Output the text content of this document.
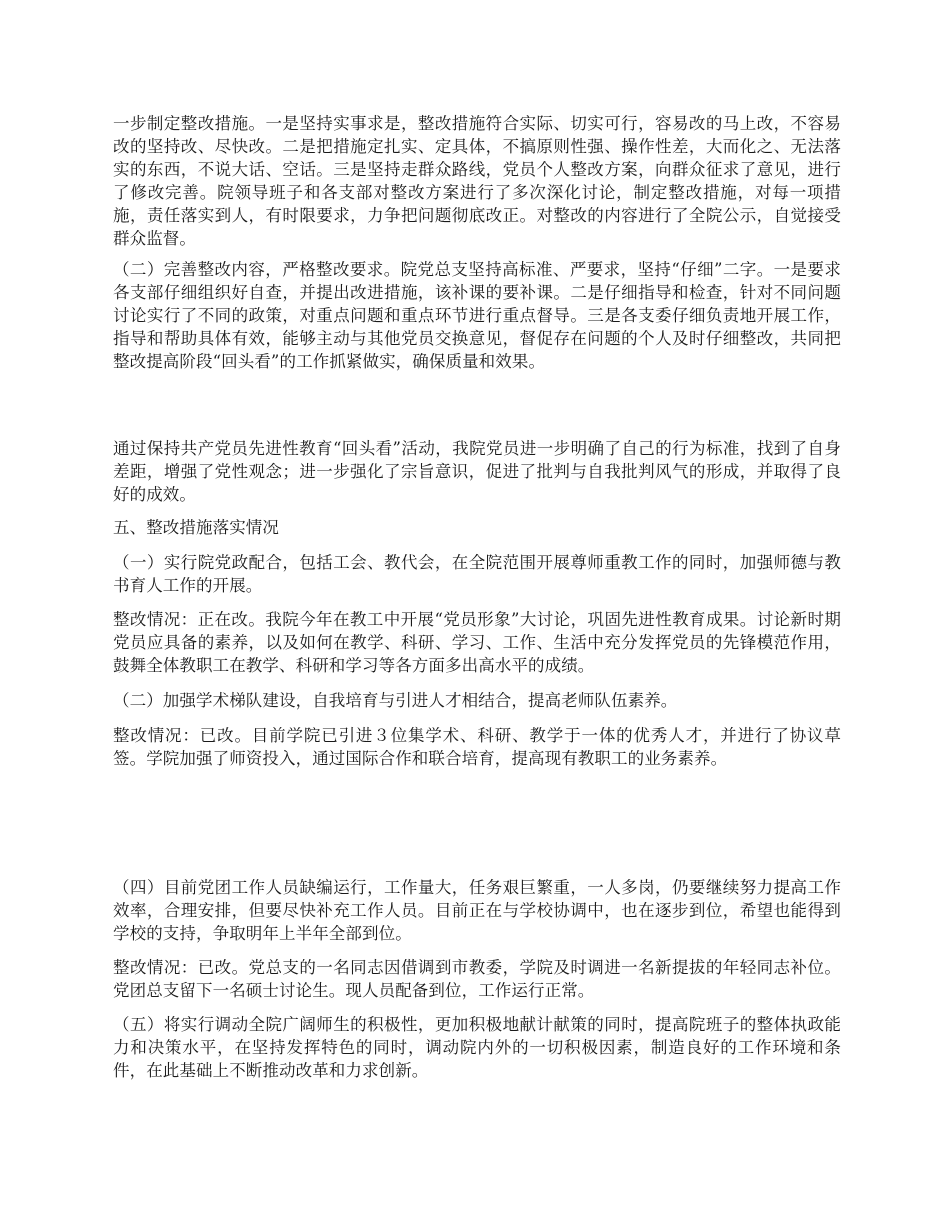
一步制定整改措施。一是坚持实事求是，整改措施符合实际、切实可行，容易改的马上改，不容易改的坚持改、尽快改。二是把措施定扎实、定具体，不搞原则性强、操作性差，大而化之、无法落实的东西，不说大话、空话。三是坚持走群众路线，党员个人整改方案，向群众征求了意见，进行了修改完善。院领导班子和各支部对整改方案进行了多次深化讨论，制定整改措施，对每一项措施，责任落实到人，有时限要求，力争把问题彻底改正。对整改的内容进行了全院公示，自觉接受群众监督。

（二）完善整改内容，严格整改要求。院党总支坚持高标准、严要求，坚持“仔细”二字。一是要求各支部仔细组织好自查，并提出改进措施，该补课的要补课。二是仔细指导和检查，针对不同问题讨论实行了不同的政策，对重点问题和重点环节进行重点督导。三是各支委仔细负责地开展工作，指导和帮助具体有效，能够主动与其他党员交换意见，督促存在问题的个人及时仔细整改，共同把整改提高阶段“回头看”的工作抓紧做实，确保质量和效果。

通过保持共产党员先进性教育“回头看”活动，我院党员进一步明确了自己的行为标准，找到了自身差距，增强了党性观念；进一步强化了宗旨意识，促进了批判与自我批判风气的形成，并取得了良好的成效。

五、整改措施落实情况

（一）实行院党政配合，包括工会、教代会，在全院范围开展尊师重教工作的同时，加强师德与教书育人工作的开展。

整改情况：正在改。我院今年在教工中开展“党员形象”大讨论，巩固先进性教育成果。讨论新时期党员应具备的素养，以及如何在教学、科研、学习、工作、生活中充分发挥党员的先锋模范作用，鼓舞全体教职工在教学、科研和学习等各方面多出高水平的成绩。

（二）加强学术梯队建设，自我培育与引进人才相结合，提高老师队伍素养。

整改情况：已改。目前学院已引进３位集学术、科研、教学于一体的优秀人才，并进行了协议草签。学院加强了师资投入，通过国际合作和联合培育，提高现有教职工的业务素养。

（四）目前党团工作人员缺编运行，工作量大，任务艰巨繁重，一人多岗，仍要继续努力提高工作效率，合理安排，但要尽快补充工作人员。目前正在与学校协调中，也在逐步到位，希望也能得到学校的支持，争取明年上半年全部到位。

整改情况：已改。党总支的一名同志因借调到市教委，学院及时调进一名新提拔的年轻同志补位。党团总支留下一名硕士讨论生。现人员配备到位，工作运行正常。

（五）将实行调动全院广阔师生的积极性，更加积极地献计献策的同时，提高院班子的整体执政能力和决策水平，在坚持发挥特色的同时，调动院内外的一切积极因素，制造良好的工作环境和条件，在此基础上不断推动改革和力求创新。
